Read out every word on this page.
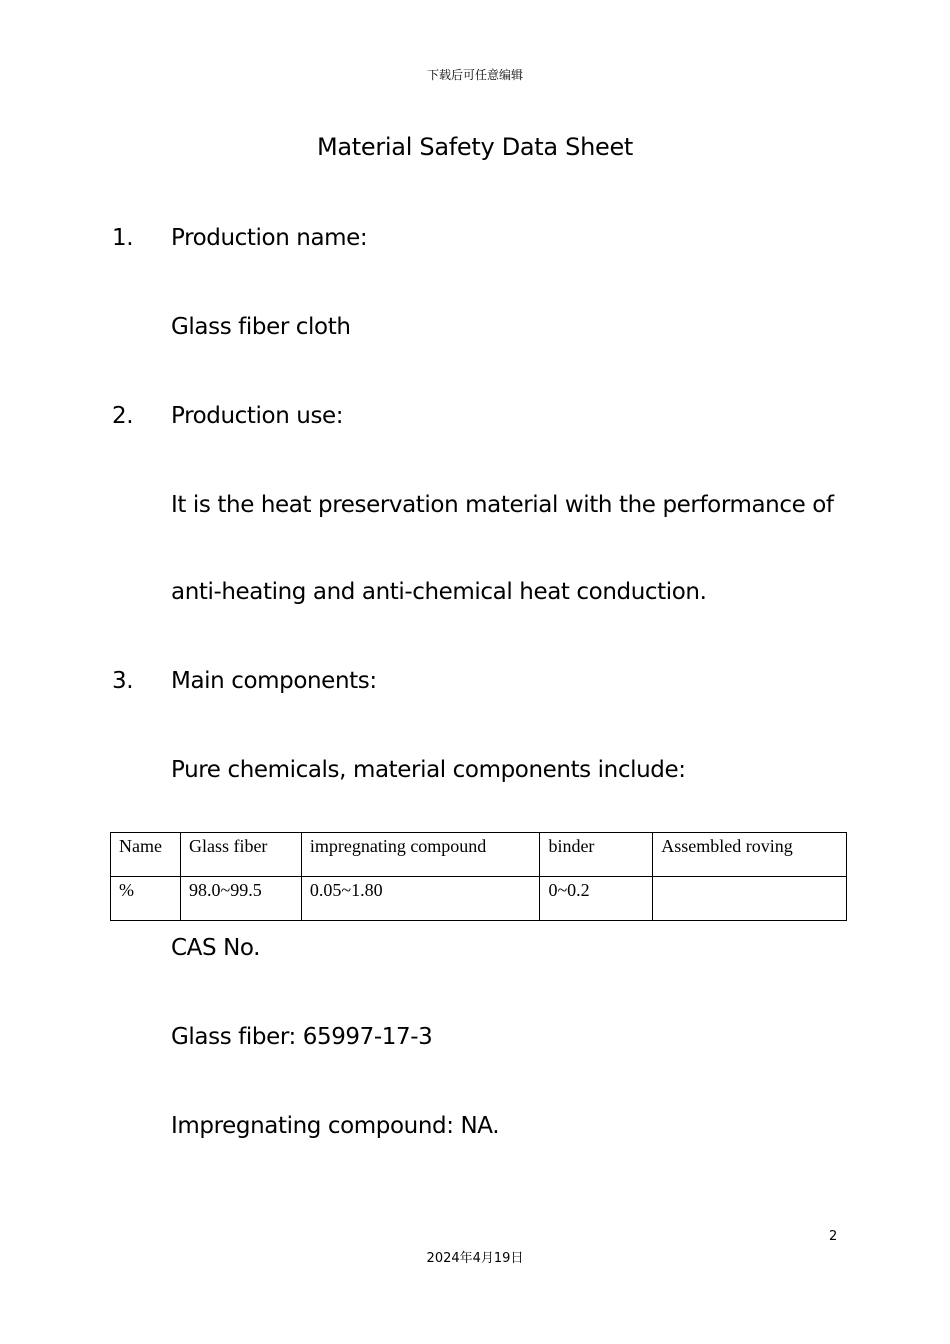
下载后可任意编辑
Material Safety Data Sheet
1. Production name:
Glass fiber cloth
2. Production use:
It is the heat preservation material with the performance of
anti-heating and anti-chemical heat conduction.
3. Main components:
Pure chemicals, material components include:
Name	Glass fiber	impregnating compound	binder	Assembled roving
%	98.0~99.5	0.05~1.80	0~0.2	
CAS No.
Glass fiber: 65997-17-3
Impregnating compound: NA.
2
2024年4月19日
